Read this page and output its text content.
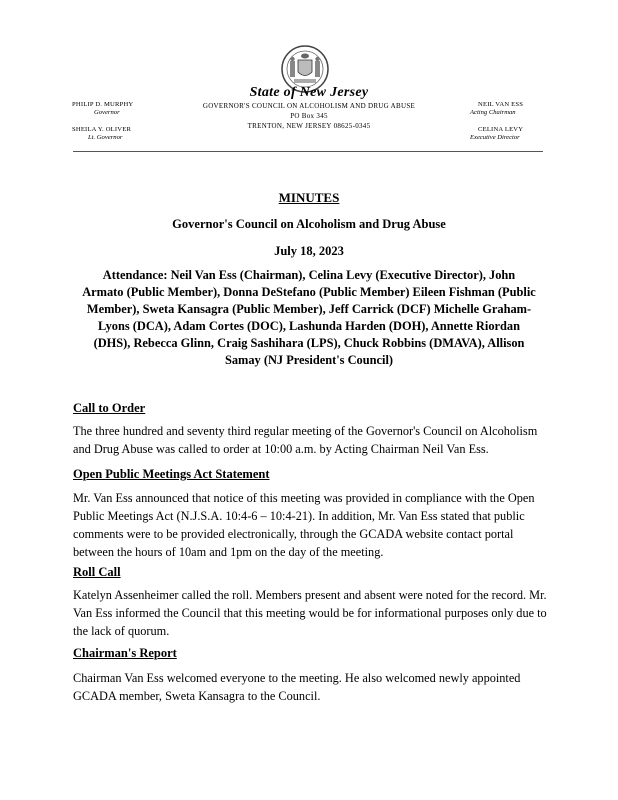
State of New Jersey
GOVERNOR'S COUNCIL ON ALCOHOLISM AND DRUG ABUSE
PO Box 345
TRENTON, NEW JERSEY 08625-0345
PHILIP D. MURPHY
Governor
SHEILA Y. OLIVER
Lt. Governor
NEIL VAN ESS
Acting Chairman
CELINA LEVY
Executive Director
MINUTES
Governor's Council on Alcoholism and Drug Abuse
July 18, 2023
Attendance: Neil Van Ess (Chairman), Celina Levy (Executive Director), John Armato (Public Member), Donna DeStefano (Public Member) Eileen Fishman (Public Member), Sweta Kansagra (Public Member), Jeff Carrick (DCF) Michelle Graham-Lyons (DCA), Adam Cortes (DOC), Lashunda Harden (DOH), Annette Riordan (DHS), Rebecca Glinn, Craig Sashihara (LPS), Chuck Robbins (DMAVA), Allison Samay (NJ President's Council)
Call to Order
The three hundred and seventy third regular meeting of the Governor's Council on Alcoholism and Drug Abuse was called to order at 10:00 a.m. by Acting Chairman Neil Van Ess.
Open Public Meetings Act Statement
Mr. Van Ess announced that notice of this meeting was provided in compliance with the Open Public Meetings Act (N.J.S.A. 10:4-6 – 10:4-21). In addition, Mr. Van Ess stated that public comments were to be provided electronically, through the GCADA website contact portal between the hours of 10am and 1pm on the day of the meeting.
Roll Call
Katelyn Assenheimer called the roll. Members present and absent were noted for the record. Mr. Van Ess informed the Council that this meeting would be for informational purposes only due to the lack of quorum.
Chairman's Report
Chairman Van Ess welcomed everyone to the meeting. He also welcomed newly appointed GCADA member, Sweta Kansagra to the Council.
